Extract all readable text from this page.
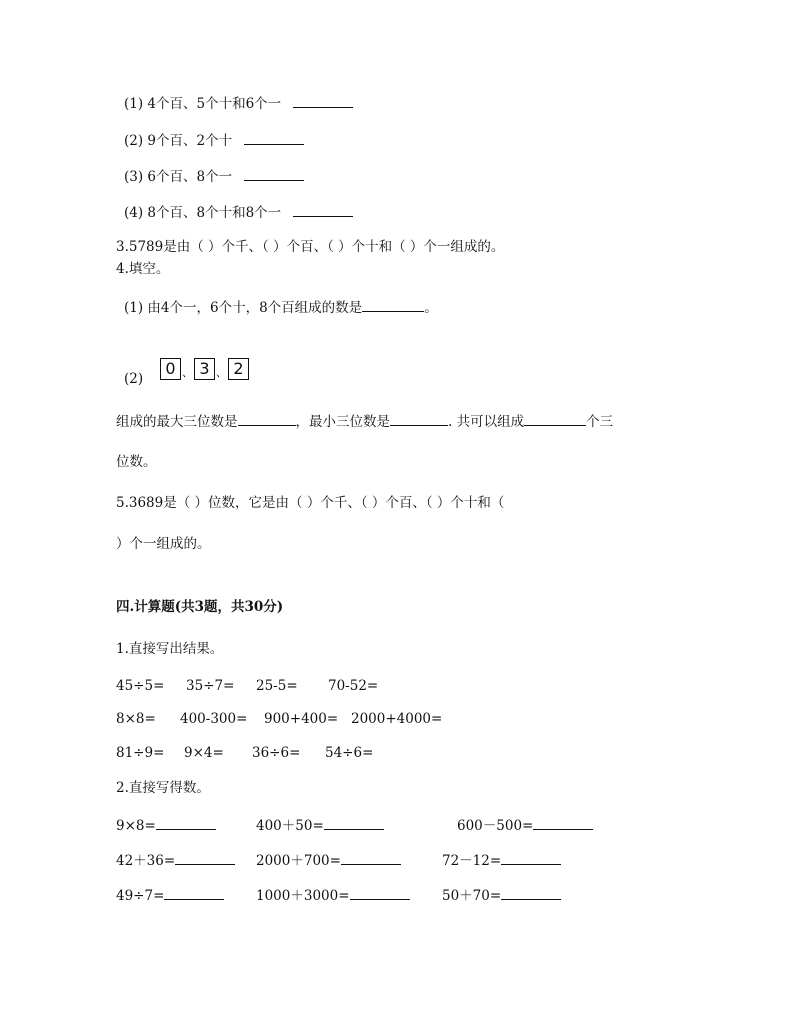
(1) 4个百、5个十和6个一
(2) 9个百、2个十
(3) 6个百、8个一
(4) 8个百、8个十和8个一
3.5789是由（ ）个千、（ ）个百、（ ）个十和（ ）个一组成的。
4.填空。
(1) 由4个一，6个十，8个百组成的数是	。
(2)
0 、 3 、 2
组成的最大三位数是	，最小三位数是	. 共可以组成	个三
位数。
5.3689是（ ）位数，它是由（ ）个千、（ ）个百、（ ）个十和（
）个一组成的。
四.计算题(共3题，共30分)
1.直接写出结果。
45÷5= 35÷7= 25-5= 70-52=
8×8= 400-300= 900+400= 2000+4000=
81÷9= 9×4= 36÷6= 54÷6=
2.直接写得数。
9×8=	400＋50=	600－500=
42＋36=	2000＋700=	72－12=
49÷7=	1000＋3000=	50＋70=
